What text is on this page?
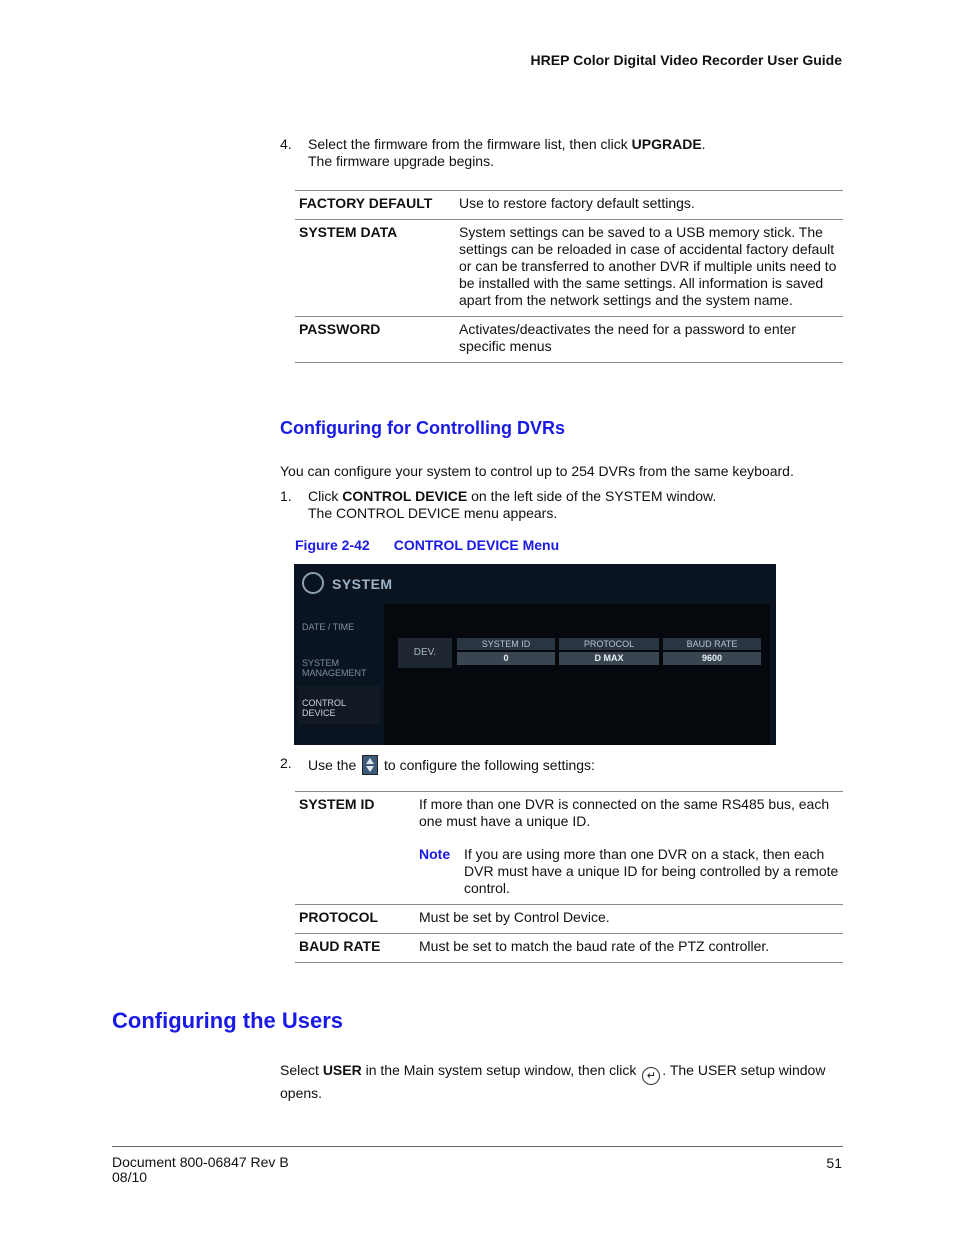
HREP Color Digital Video Recorder User Guide
4. Select the firmware from the firmware list, then click UPGRADE.
The firmware upgrade begins.
FACTORY DEFAULT	Use to restore factory default settings.
SYSTEM DATA	System settings can be saved to a USB memory stick. The settings can be reloaded in case of accidental factory default or can be transferred to another DVR if multiple units need to be installed with the same settings. All information is saved apart from the network settings and the system name.
PASSWORD	Activates/deactivates the need for a password to enter specific menus
Configuring for Controlling DVRs
You can configure your system to control up to 254 DVRs from the same keyboard.
1. Click CONTROL DEVICE on the left side of the SYSTEM window.
The CONTROL DEVICE menu appears.
Figure 2-42 CONTROL DEVICE Menu
SYSTEM
DATE / TIME
SYSTEM
MANAGEMENT
CONTROL
DEVICE
DEV.
SYSTEM ID	PROTOCOL	BAUD RATE
0	D MAX	9600
2. Use the  to configure the following settings:
SYSTEM ID	If more than one DVR is connected on the same RS485 bus, each one must have a unique ID.
Note If you are using more than one DVR on a stack, then each DVR must have a unique ID for being controlled by a remote control.

PROTOCOL	Must be set by Control Device.
BAUD RATE	Must be set to match the baud rate of the PTZ controller.
Configuring the Users
Select USER in the Main system setup window, then click ↵ . The USER setup window opens.
Document 800-06847 Rev B
08/10
51
